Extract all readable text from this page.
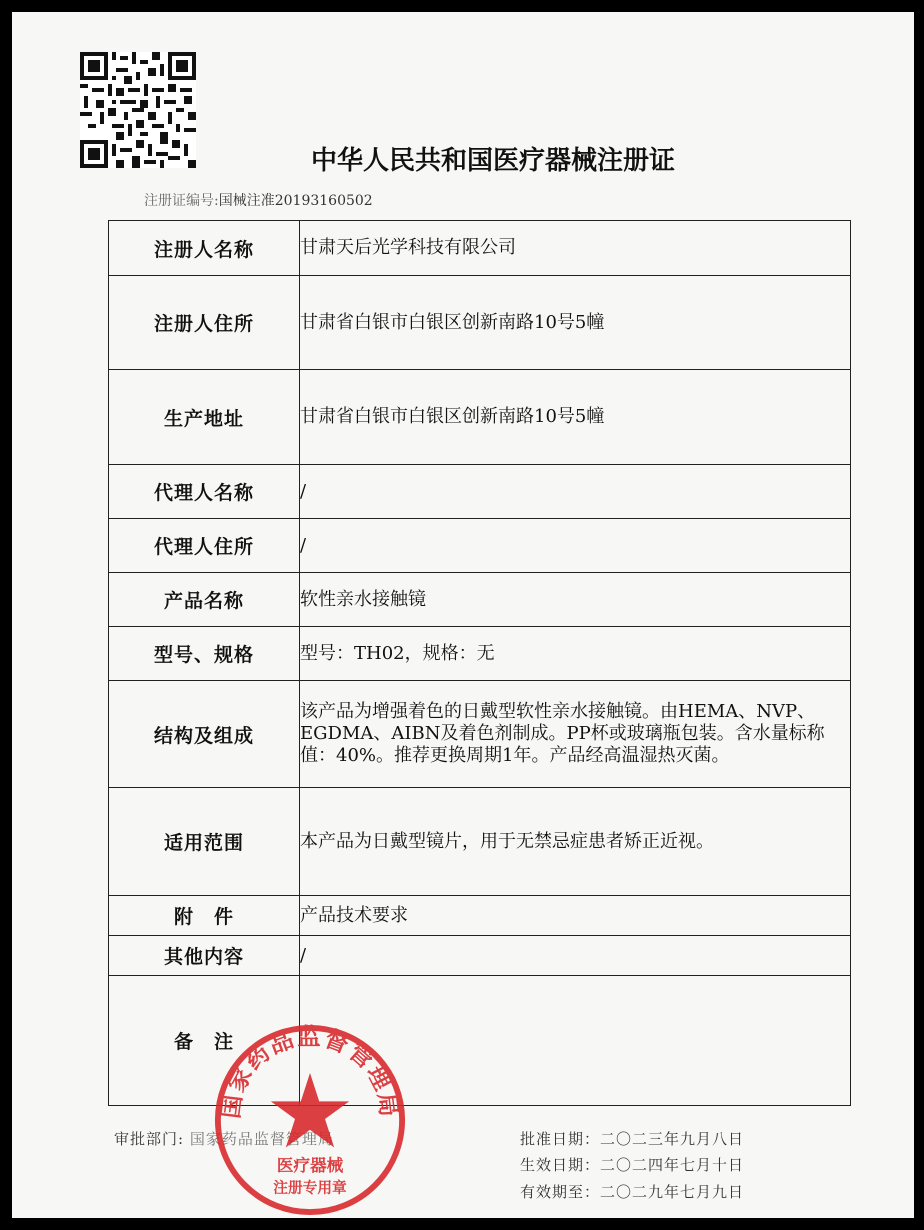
中华人民共和国医疗器械注册证
注册证编号:国械注准20193160502
注册人名称	甘肃天后光学科技有限公司
注册人住所	甘肃省白银市白银区创新南路10号5幢
生产地址	甘肃省白银市白银区创新南路10号5幢
代理人名称	/
代理人住所	/
产品名称	软性亲水接触镜
型号、规格	型号：TH02，规格：无
结构及组成	该产品为增强着色的日戴型软性亲水接触镜。由HEMA、NVP、EGDMA、AIBN及着色剂制成。PP杯或玻璃瓶包装。含水量标称值：40%。推荐更换周期1年。产品经高温湿热灭菌。
适用范围	本产品为日戴型镜片，用于无禁忌症患者矫正近视。
附　件	产品技术要求
其他内容	/
备　注	
审批部门: 国家药品监督管理局	批准日期：二〇二三年九月八日
生效日期：二〇二四年七月十日
有效期至：二〇二九年七月九日
国家药品监督管理局
医疗器械
注册专用章
